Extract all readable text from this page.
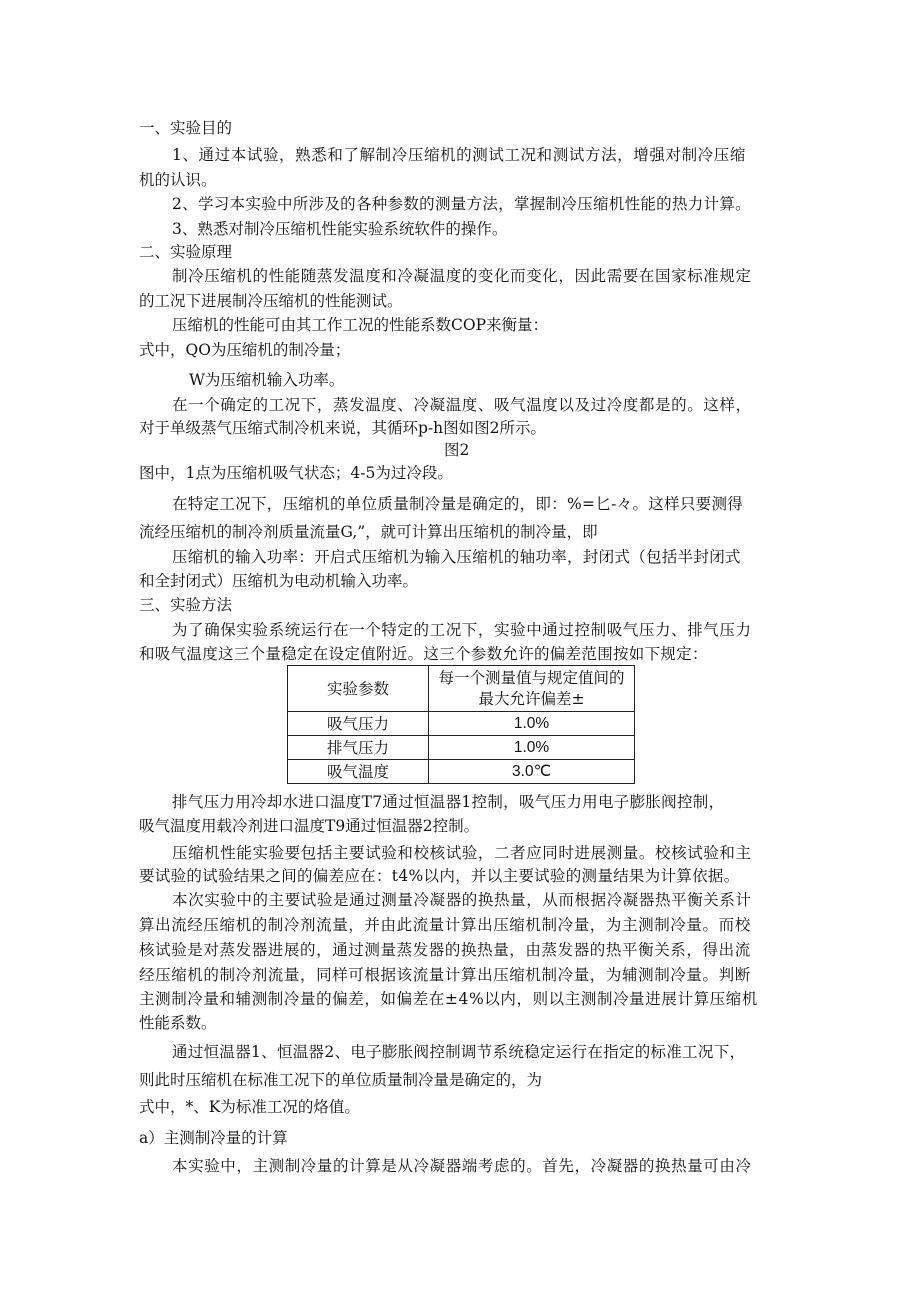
一、实验目的

1、通过本试验，熟悉和了解制冷压缩机的测试工况和测试方法，增强对制冷压缩

机的认识。

2、学习本实验中所涉及的各种参数的测量方法，掌握制冷压缩机性能的热力计算。

3、熟悉对制冷压缩机性能实验系统软件的操作。

二、实验原理

制冷压缩机的性能随蒸发温度和冷凝温度的变化而变化，因此需要在国家标准规定

的工况下进展制冷压缩机的性能测试。

压缩机的性能可由其工作工况的性能系数COP来衡量：

式中，QO为压缩机的制冷量；

W为压缩机输入功率。

在一个确定的工况下，蒸发温度、冷凝温度、吸气温度以及过冷度都是的。这样，

对于单级蒸气压缩式制冷机来说，其循环p-h图如图2所示。

图2

图中，1点为压缩机吸气状态；4-5为过冷段。

在特定工况下，压缩机的单位质量制冷量是确定的，即：%=匕-々。这样只要测得

流经压缩机的制冷剂质量流量G,”，就可计算出压缩机的制冷量，即

压缩机的输入功率：开启式压缩机为输入压缩机的轴功率，封闭式（包括半封闭式

和全封闭式）压缩机为电动机输入功率。

三、实验方法

为了确保实验系统运行在一个特定的工况下，实验中通过控制吸气压力、排气压力

和吸气温度这三个量稳定在设定值附近。这三个参数允许的偏差范围按如下规定：

实验参数	每一个测量值与规定值间的
最大允许偏差±

吸气压力	1.0%
排气压力	1.0%
吸气温度	3.0℃

排气压力用冷却水进口温度T7通过恒温器1控制，吸气压力用电子膨胀阀控制，

吸气温度用载冷剂进口温度T9通过恒温器2控制。

压缩机性能实验要包括主要试验和校核试验，二者应同时进展测量。校核试验和主

要试验的试验结果之间的偏差应在：t4%以内，并以主要试验的测量结果为计算依据。

本次实验中的主要试验是通过测量冷凝器的换热量，从而根据冷凝器热平衡关系计

算出流经压缩机的制冷剂流量，并由此流量计算出压缩机制冷量，为主测制冷量。而校

核试验是对蒸发器进展的，通过测量蒸发器的换热量，由蒸发器的热平衡关系，得出流

经压缩机的制冷剂流量，同样可根据该流量计算出压缩机制冷量，为辅测制冷量。判断

主测制冷量和辅测制冷量的偏差，如偏差在±4%以内，则以主测制冷量进展计算压缩机

性能系数。

通过恒温器1、恒温器2、电子膨胀阀控制调节系统稳定运行在指定的标准工况下，

则此时压缩机在标准工况下的单位质量制冷量是确定的，为

式中，*、K为标准工况的烙值。

a）主测制冷量的计算

本实验中，主测制冷量的计算是从冷凝器端考虑的。首先，冷凝器的换热量可由冷
